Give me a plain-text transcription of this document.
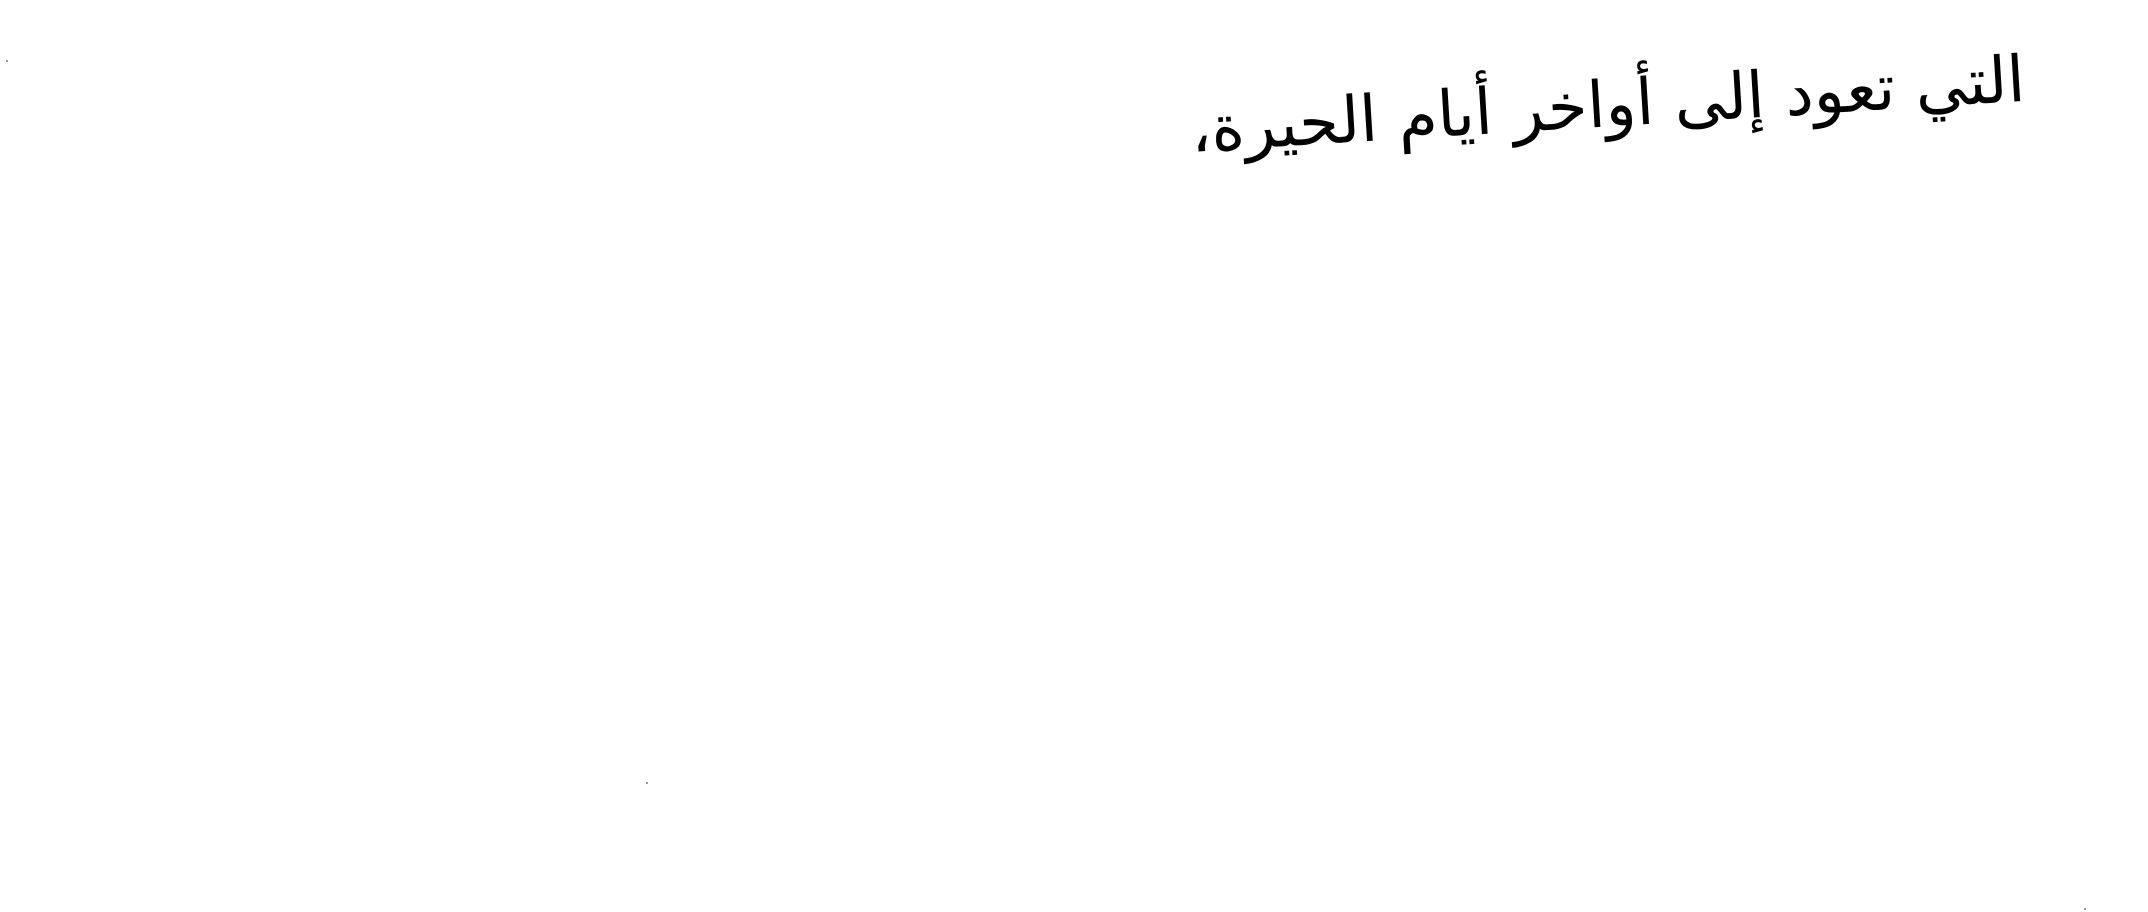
التي تعود إلى أواخر أيام الحيرة،
